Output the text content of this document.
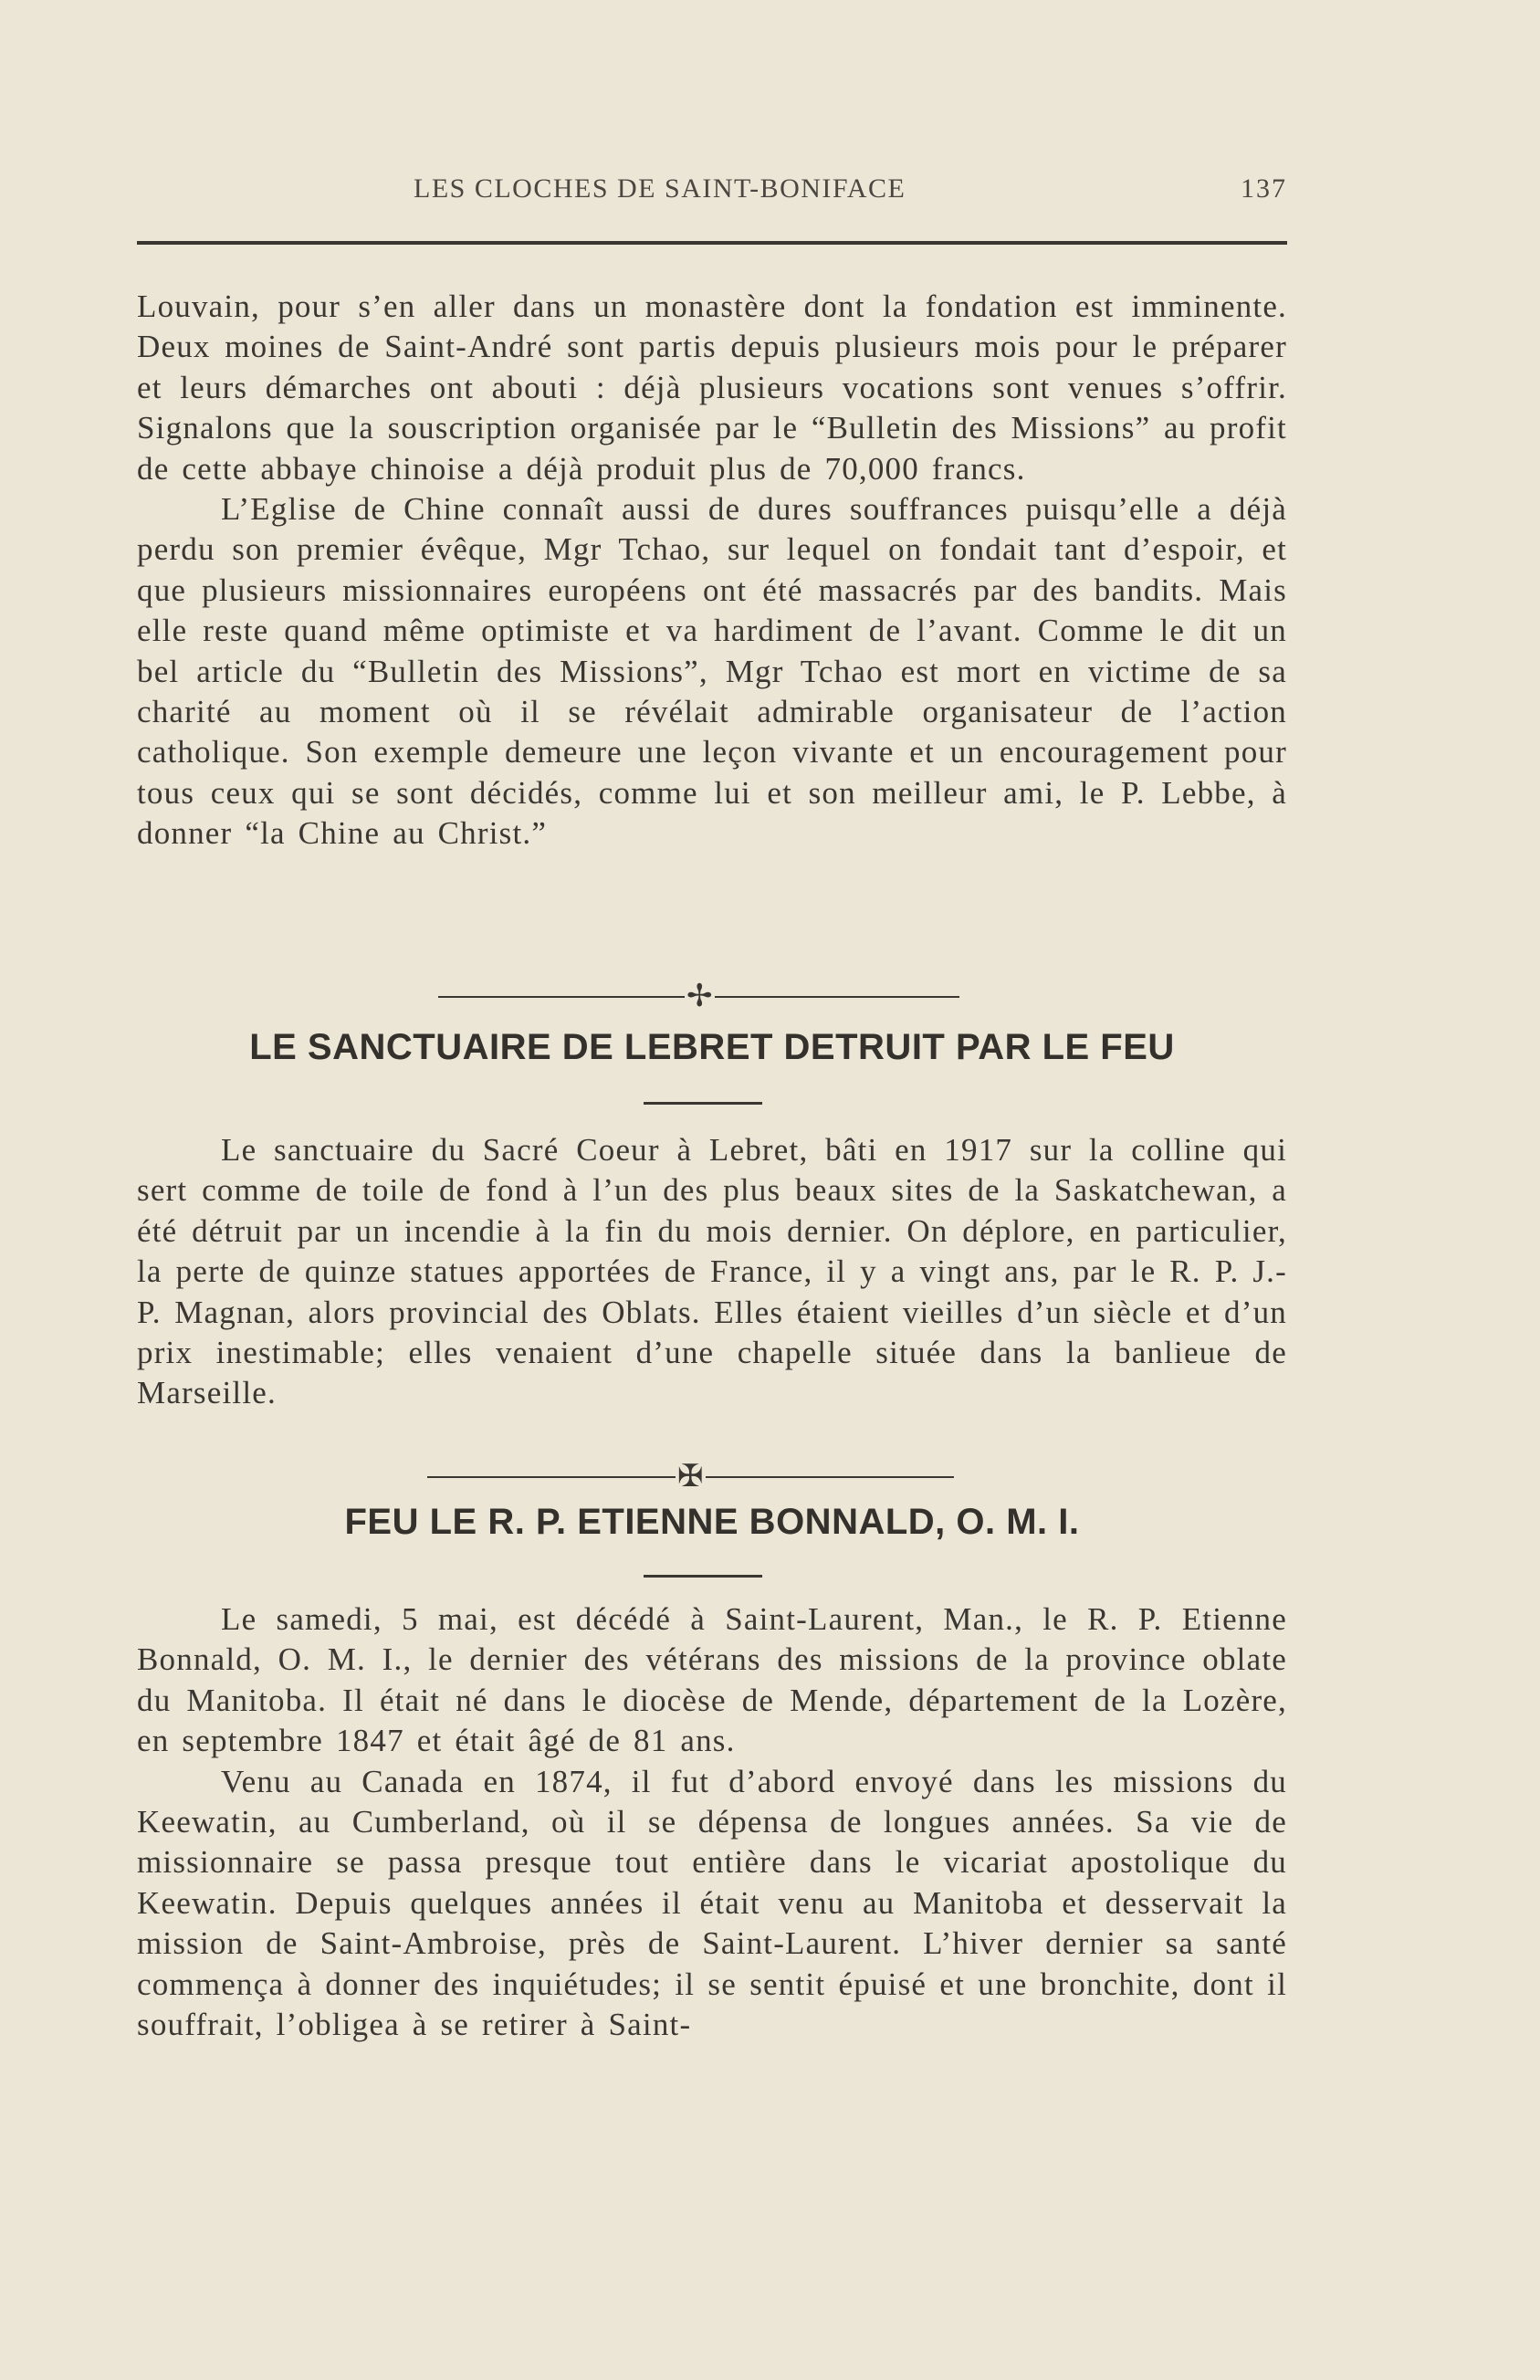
LES CLOCHES DE SAINT-BONIFACE	137

Louvain, pour s’en aller dans un monastère dont la fondation est imminente. Deux moines de Saint-André sont partis depuis plusieurs mois pour le préparer et leurs démarches ont abouti : déjà plusieurs vocations sont venues s’offrir. Signalons que la souscription organisée par le “Bulletin des Missions” au profit de cette abbaye chinoise a déjà produit plus de 70,000 francs.

L’Eglise de Chine connaît aussi de dures souffrances puisqu’elle a déjà perdu son premier évêque, Mgr Tchao, sur lequel on fondait tant d’espoir, et que plusieurs missionnaires européens ont été massacrés par des bandits. Mais elle reste quand même optimiste et va hardiment de l’avant. Comme le dit un bel article du “Bulletin des Missions”, Mgr Tchao est mort en victime de sa charité au moment où il se révélait admirable organisateur de l’action catholique. Son exemple demeure une leçon vivante et un encouragement pour tous ceux qui se sont décidés, comme lui et son meilleur ami, le P. Lebbe, à donner “la Chine au Christ.”

✢
LE SANCTUAIRE DE LEBRET DETRUIT PAR LE FEU

Le sanctuaire du Sacré Coeur à Lebret, bâti en 1917 sur la colline qui sert comme de toile de fond à l’un des plus beaux sites de la Saskatchewan, a été détruit par un incendie à la fin du mois dernier. On déplore, en particulier, la perte de quinze statues apportées de France, il y a vingt ans, par le R. P. J.-P. Magnan, alors provincial des Oblats. Elles étaient vieilles d’un siècle et d’un prix inestimable; elles venaient d’une chapelle située dans la banlieue de Marseille.

✠
FEU LE R. P. ETIENNE BONNALD, O. M. I.

Le samedi, 5 mai, est décédé à Saint-Laurent, Man., le R. P. Etienne Bonnald, O. M. I., le dernier des vétérans des missions de la province oblate du Manitoba. Il était né dans le diocèse de Mende, département de la Lozère, en septembre 1847 et était âgé de 81 ans.

Venu au Canada en 1874, il fut d’abord envoyé dans les missions du Keewatin, au Cumberland, où il se dépensa de longues années. Sa vie de missionnaire se passa presque tout entière dans le vicariat apostolique du Keewatin. Depuis quelques années il était venu au Manitoba et desservait la mission de Saint-Ambroise, près de Saint-Laurent. L’hiver dernier sa santé commença à donner des inquiétudes; il se sentit épuisé et une bronchite, dont il souffrait, l’obligea à se retirer à Saint-
